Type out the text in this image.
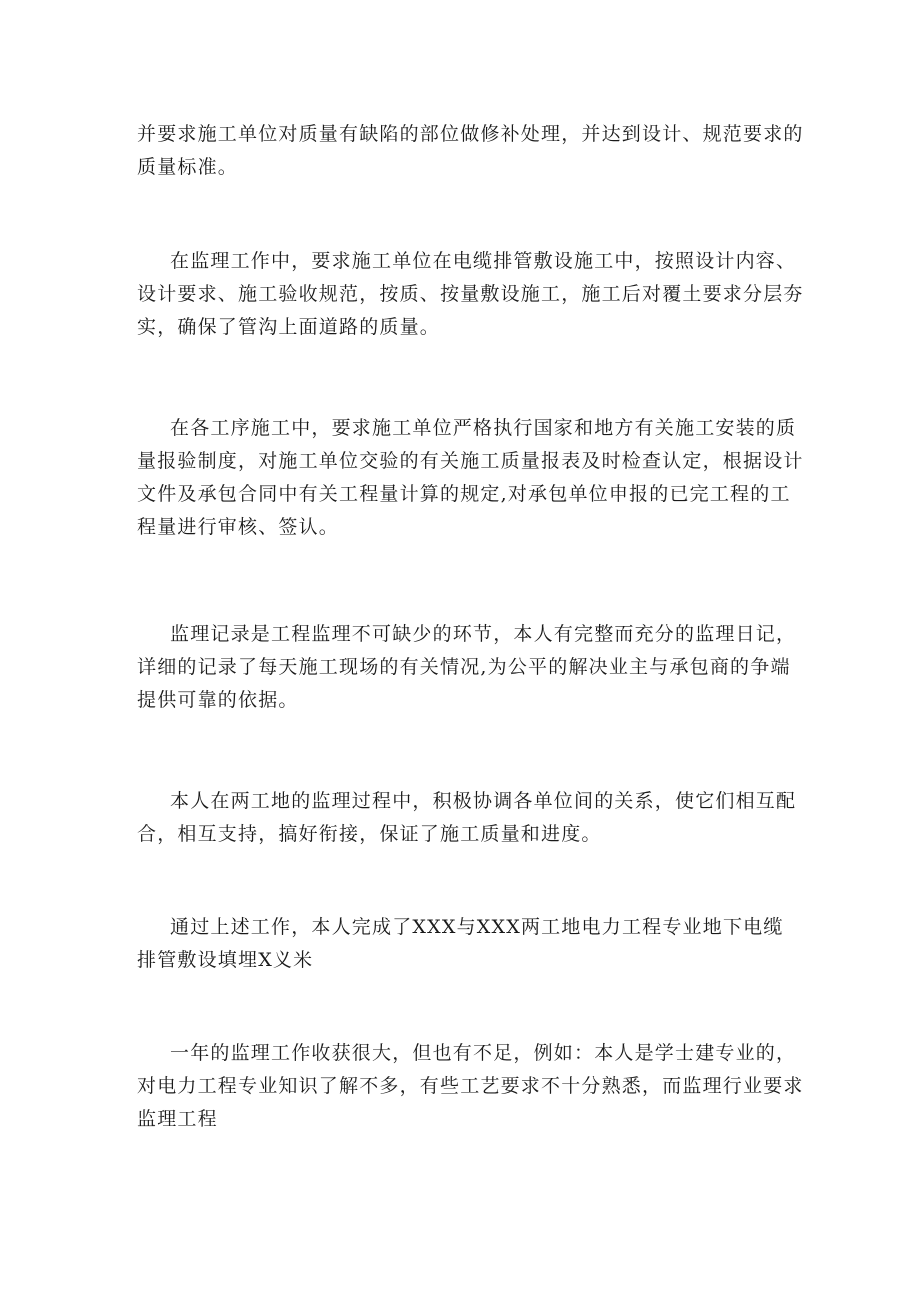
并要求施工单位对质量有缺陷的部位做修补处理，并达到设计、规范要求的
质量标准。

在监理工作中，要求施工单位在电缆排管敷设施工中，按照设计内容、
设计要求、施工验收规范，按质、按量敷设施工，施工后对覆土要求分层夯
实，确保了管沟上面道路的质量。

在各工序施工中，要求施工单位严格执行国家和地方有关施工安装的质
量报验制度，对施工单位交验的有关施工质量报表及时检查认定，根据设计
文件及承包合同中有关工程量计算的规定,对承包单位申报的已完工程的工
程量进行审核、签认。

监理记录是工程监理不可缺少的环节，本人有完整而充分的监理日记，
详细的记录了每天施工现场的有关情况,为公平的解决业主与承包商的争端
提供可靠的依据。

本人在两工地的监理过程中，积极协调各单位间的关系，使它们相互配
合，相互支持，搞好衔接，保证了施工质量和进度。

通过上述工作，本人完成了XXX与XXX两工地电力工程专业地下电缆
排管敷设填埋X义米

一年的监理工作收获很大，但也有不足，例如：本人是学士建专业的，
对电力工程专业知识了解不多，有些工艺要求不十分熟悉，而监理行业要求
监理工程
